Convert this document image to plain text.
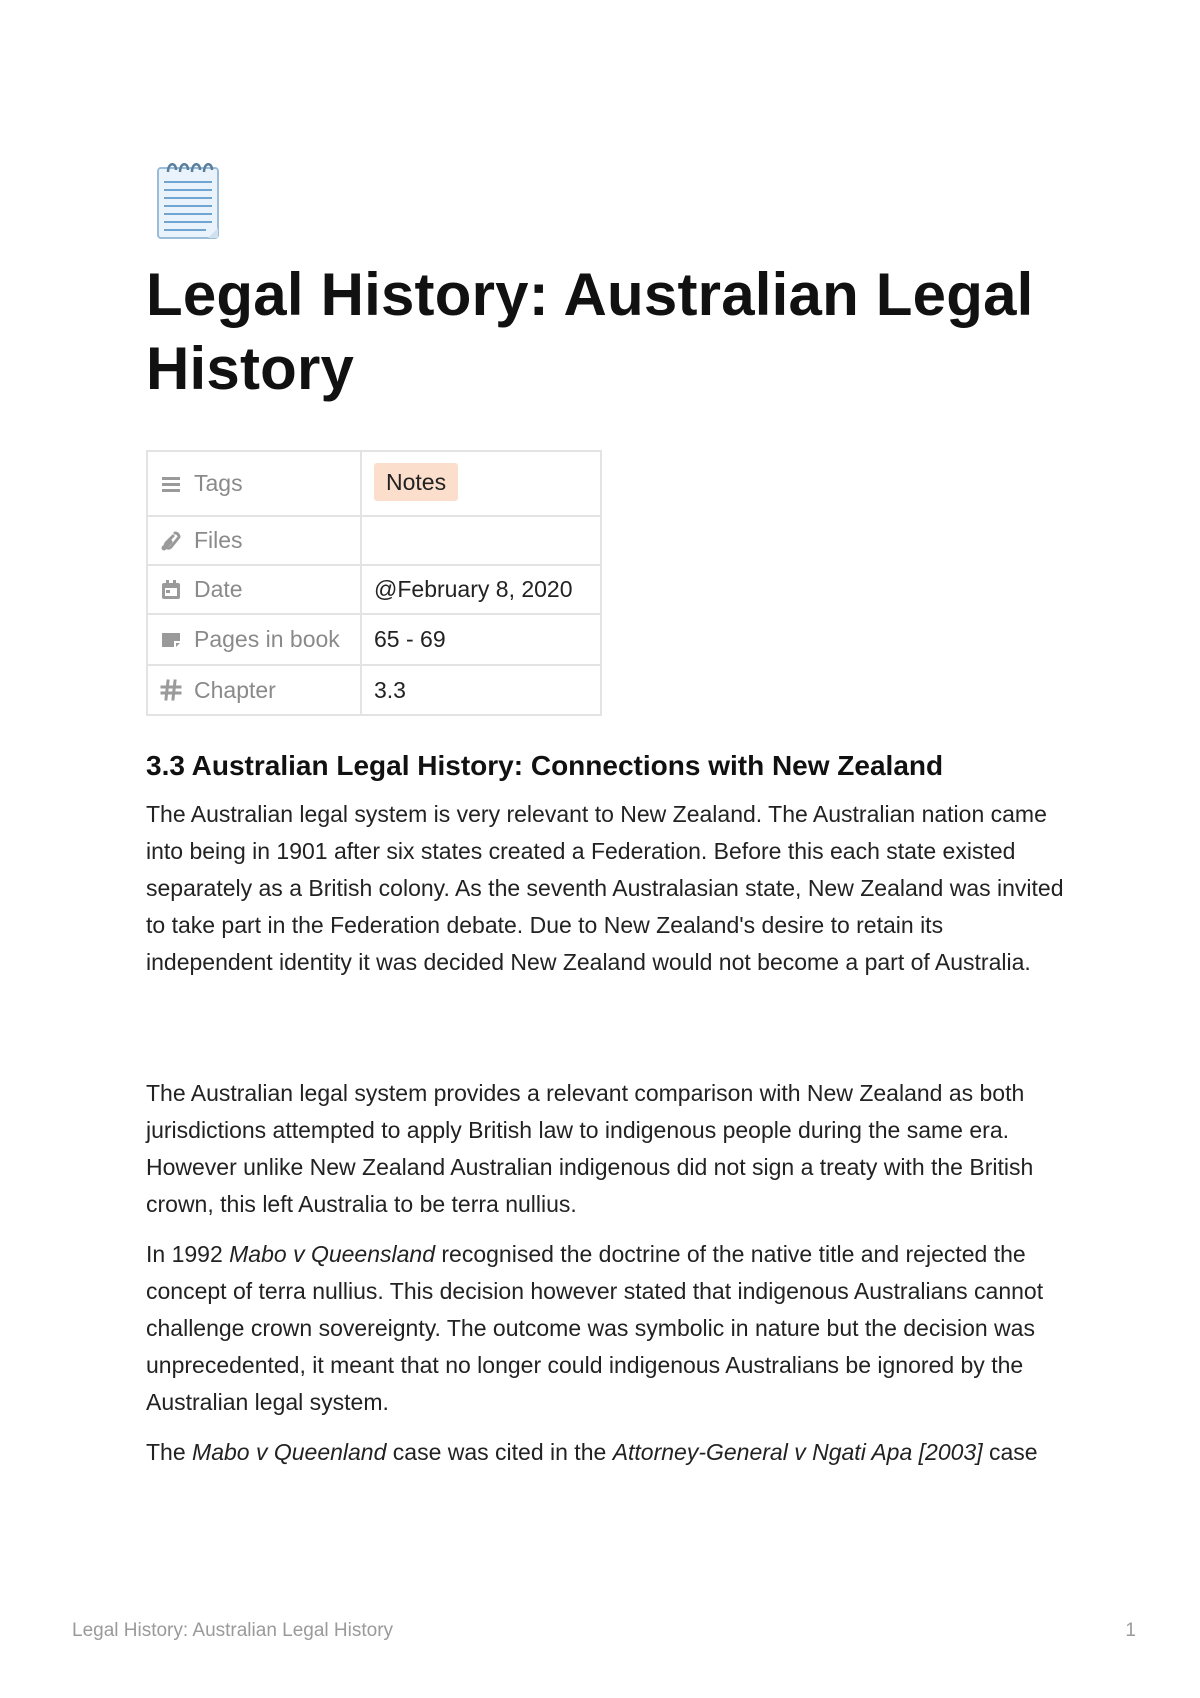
Legal History: Australian Legal History
Tags	Notes

Files	

Date	@February 8, 2020

Pages in book	65 - 69

Chapter	3.3
3.3 Australian Legal History: Connections with New Zealand

The Australian legal system is very relevant to New Zealand. The Australian nation came into being in 1901 after six states created a Federation. Before this each state existed separately as a British colony. As the seventh Australasian state, New Zealand was invited to take part in the Federation debate. Due to New Zealand's desire to retain its independent identity it was decided New Zealand would not become a part of Australia.

The Australian legal system provides a relevant comparison with New Zealand as both jurisdictions attempted to apply British law to indigenous people during the same era. However unlike New Zealand Australian indigenous did not sign a treaty with the British crown, this left Australia to be terra nullius.

In 1992 Mabo v Queensland recognised the doctrine of the native title and rejected the concept of terra nullius. This decision however stated that indigenous Australians cannot challenge crown sovereignty. The outcome was symbolic in nature but the decision was unprecedented, it meant that no longer could indigenous Australians be ignored by the Australian legal system.

The Mabo v Queenland case was cited in the Attorney-General v Ngati Apa [2003] case

Legal History: Australian Legal History	1
